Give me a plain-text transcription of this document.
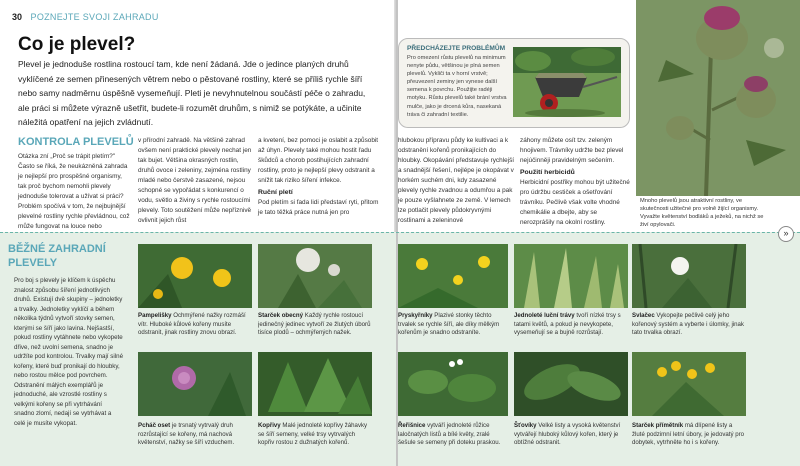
30 POZNEJTE SVOJI ZAHRADU
Co je plevel?
Plevel je jednoduše rostlina rostoucí tam, kde není žádaná. Jde o jedince planých druhů vyklíčené ze semen přinesených větrem nebo o pěstované rostliny, které se příliš rychle šíří nebo samy nadměrnu úspěšně vysemeňují. Pleti je nevyhnutelnou součástí péče o zahradu, ale práci si můžete výrazně ušetřit, budete-li rozumět druhům, s nimiž se potýkáte, a učinite náležitá opatření na jejich zvládnutí.
KONTROLA PLEVELŮ
Otázka zní „Proč se trápit pletím?" Často se říká, že neukázněná zahrada je nejlepší pro prospěšné organismy, tak proč bychom nemohli plevely jednoduše tolerovat a užívat si práci? Problém spočívá v tom, že nejbujnější plevelné rostliny rychle převládnou, což může fungovat na louce nebo
v přírodní zahradě. Na většině zahrad ovšem není praktické plevely nechat jen tak bujet. Většina okrasných rostlin, druhů ovoce i zeleniny, zejména rostliny mladé nebo čerstvě zasazené, nejsou schopné se vypořádat s konkurencí o vodu, světlo a živiny s rychle rostoucími plevely. Toto soutěžení může nepříznivě ovlivnit jejich růst
a kvetení, bez pomoci je oslabit a způsobit až úhyn. Plevely také mohou hostit řadu škůdců a chorob postihujících zahradní rostliny, proto je nejlepší plevy odstranit a snížit tak riziko šíření infekce.
Ruční pletí
Pod pletím si fada lidi představí ryti, přitom je tato těžká práce nutná jen pro
hlubokou přípravu půdy ke kultivaci a k odstranění kořenů pronikajících do hloubky. Okopávání představuje rychlejší a snadnější řešení, nejlépe je okopávat v horkém suchém dni, kdy zasazené plevely rychle zvadnou a odumřou a pak je pouze vyšlahnete ze země. V lemech lze potlačit plevely půdokryvnými rostlinami a zeleninové
záhony můžete osít tzv. zeleným hnojivem. Trávníky udržte bez plevel nejúčinněji pravidelným sečením.
Použití herbicidů
Herbicidní postřiky mohou být užitečné pro údržbu cestiček a ošetřování trávníku. Pečlivě však volte vhodné chemikálie a dbejte, aby se nerozprášily na okolní rostliny.
PŘEDCHÁZEJTE PROBLÉMŮM
Pro omezení růstu plevelů na minimum nenyte půdu, většinou je plná semen plevelů. Vykliči ta v horní vrstvě; přeuvezení zeminy jen vynese další semena k povrchu. Použijte radéji motyku. Růstu plevelů také brání vrstva mulče, jako je drcená kůra, nasekaná tráva či zahradní textilie.
Mnoho plevelů jsou atraktivní rostliny, ve skutečnosti užitečné pro volně žijící organismy. Vyvažte květenství bodláků a ježeků, na nichž se živí opylovači.
BĚŽNÉ ZAHRADNÍ
PLEVELY
Pro boj s plevely je klíčem k úspěchu znalost způsobu šíření jednotlivých druhů. Existují dvě skupiny – jednoletky a trvalky. Jednoletky vyklíčí a během několika týdnů vytvoří stovky semen, kterými se šíří jako lavina. Nejšastší, pokud rostliny vytáhnete nebo vykopete dřive, než uvolní semena, snadno je udržíte pod kontrolou. Trvalky mají silné kořeny, které buď pronikají do hloubky, nebo rostou mělce pod povrchem. Odstranění málých exemplářů je jednoduché, ale vzrostlé rostliny s velkými kořeny se při vytrhávání snadno zlomí, nedají se vytrhávat a celé je musíte vykopat.
Pampelišky Ochmýřené nažky rozmáší vítr. Hluboké kůlové kořeny musíte odstranit, jinak rostliny znovu obrazí.
Starček obecný Každý rychle rostoucí jedinečný jedinec vytvoří ze žlutých úborů tisíce plodů – ochmýřených nažek.
Pcháč oset je trsnatý vytrvalý druh rozrůstající se kořeny, má nachová květenství, nažky se šíří vzduchem.
Kopřivy Malé jednoleté kopřivy žáhavky se šíří semeny, velké trsy vytrvalých kopřiv rostou z dužnatých kořenů.
Pryskyřníky Plazivé stonky těchto trvalek se rychle šíří, ale díky mělkým kořenům je snadno odstraníte.
Jednoleté luční trávy tvoří nízké trsy s tatami květů, a pokud je nevykopete, vysemeňují se a bujně rozrůstají.
Svlačec Vykopejte pečlivě celý jeho kořenový systém a vyberte i úlomky, jinak tato trvalka obrazí.
Řeřišnice vytváří jednoleté růžice laločnatých listů a bílé květy, zralé šešule se semeny při doteku praskou.
Šťovíky Velké listy a vysoká květenství vytvářejí hluboký kůlový kořen, který je obtížné odstranit.
Starček přímětník má dlípené listy a žluté podzimní letní úbory, je jedovatý pro dobytek, vytrhněte ho i s kořeny.
»
